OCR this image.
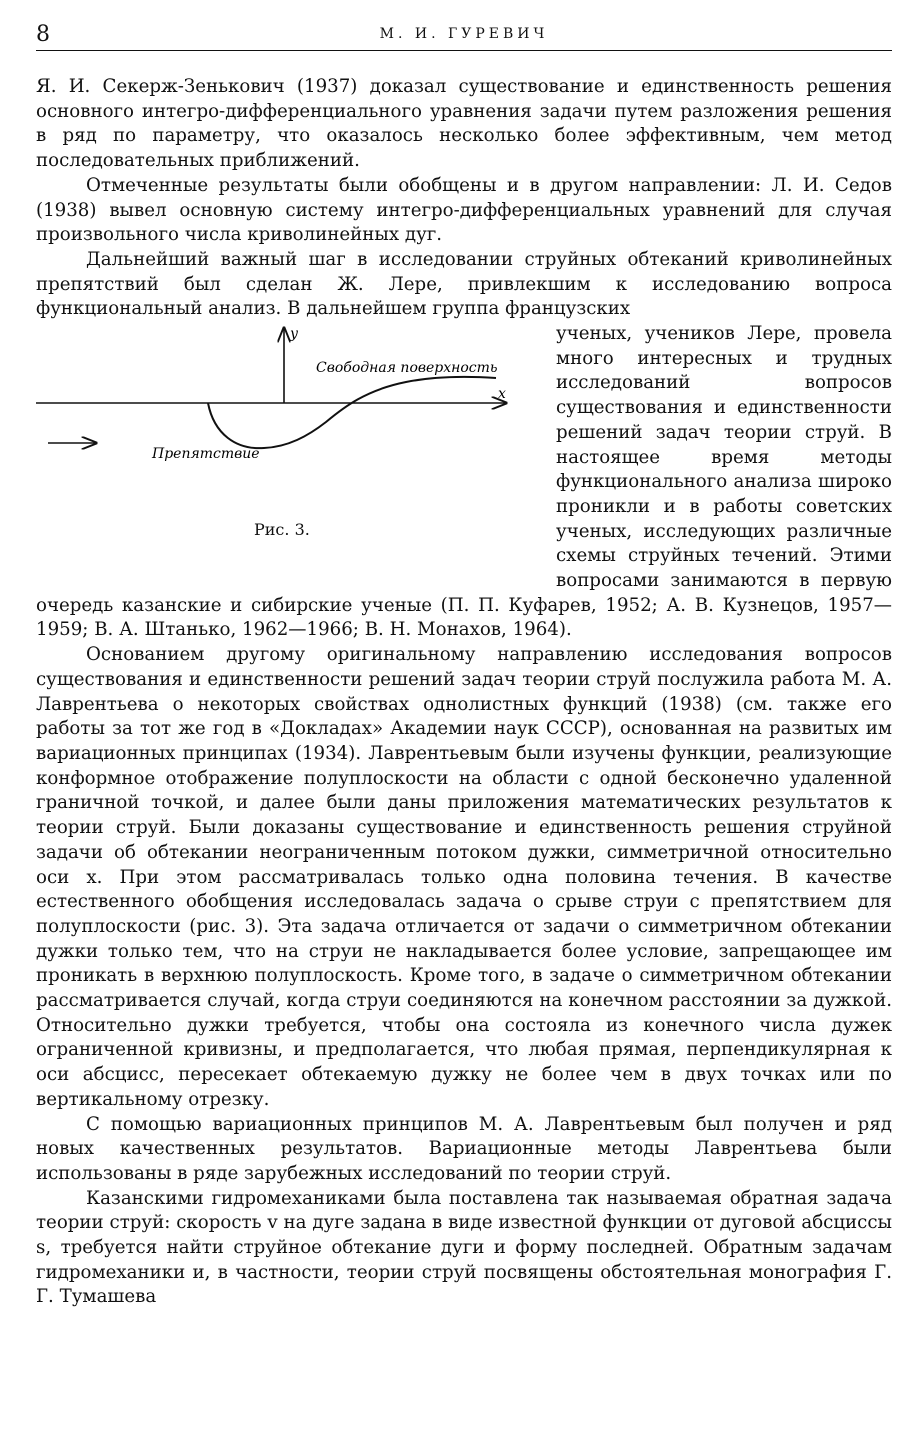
8	М. И. ГУРЕВИЧ

Я. И. Секерж-Зенькович (1937) доказал существование и единственность решения основного интегро-дифференциального уравнения задачи путем разложения решения в ряд по параметру, что оказалось несколько более эффективным, чем метод последовательных приближений.

Отмеченные результаты были обобщены и в другом направлении: Л. И. Седов (1938) вывел основную систему интегро-дифференциальных уравнений для случая произвольного числа криволинейных дуг.

Дальнейший важный шаг в исследовании струйных обтеканий криволинейных препятствий был сделан Ж. Лере, привлекшим к исследованию вопроса функциональный анализ. В дальнейшем группа французских

y
x
Свободная поверхность
Препятствие
Рис. 3.

ученых, учеников Лере, провела много интересных и трудных исследований вопросов существования и единственности решений задач теории струй. В настоящее время методы функционального анализа широко проникли и в работы советских ученых, исследующих различные схемы струйных течений. Этими вопросами занимаются в первую очередь казанские и сибирские ученые (П. П. Куфарев, 1952; А. В. Кузнецов, 1957—1959; В. А. Штанько, 1962—1966; В. Н. Монахов, 1964).

Основанием другому оригинальному направлению исследования вопросов существования и единственности решений задач теории струй послужила работа М. А. Лаврентьева о некоторых свойствах однолистных функций (1938) (см. также его работы за тот же год в «Докладах» Академии наук СССР), основанная на развитых им вариационных принципах (1934). Лаврентьевым были изучены функции, реализующие конформное отображение полуплоскости на области с одной бесконечно удаленной граничной точкой, и далее были даны приложения математических результатов к теории струй. Были доказаны существование и единственность решения струйной задачи об обтекании неограниченным потоком дужки, симметричной относительно оси x. При этом рассматривалась только одна половина течения. В качестве естественного обобщения исследовалась задача о срыве струи с препятствием для полуплоскости (рис. 3). Эта задача отличается от задачи о симметричном обтекании дужки только тем, что на струи не накладывается более условие, запрещающее им проникать в верхнюю полуплоскость. Кроме того, в задаче о симметричном обтекании рассматривается случай, когда струи соединяются на конечном расстоянии за дужкой. Относительно дужки требуется, чтобы она состояла из конечного числа дужек ограниченной кривизны, и предполагается, что любая прямая, перпендикулярная к оси абсцисс, пересекает обтекаемую дужку не более чем в двух точках или по вертикальному отрезку.

С помощью вариационных принципов М. А. Лаврентьевым был получен и ряд новых качественных результатов. Вариационные методы Лаврентьева были использованы в ряде зарубежных исследований по теории струй.

Казанскими гидромеханиками была поставлена так называемая обратная задача теории струй: скорость v на дуге задана в виде известной функции от дуговой абсциссы s, требуется найти струйное обтекание дуги и форму последней. Обратным задачам гидромеханики и, в частности, теории струй посвящены обстоятельная монография Г. Г. Тумашева
